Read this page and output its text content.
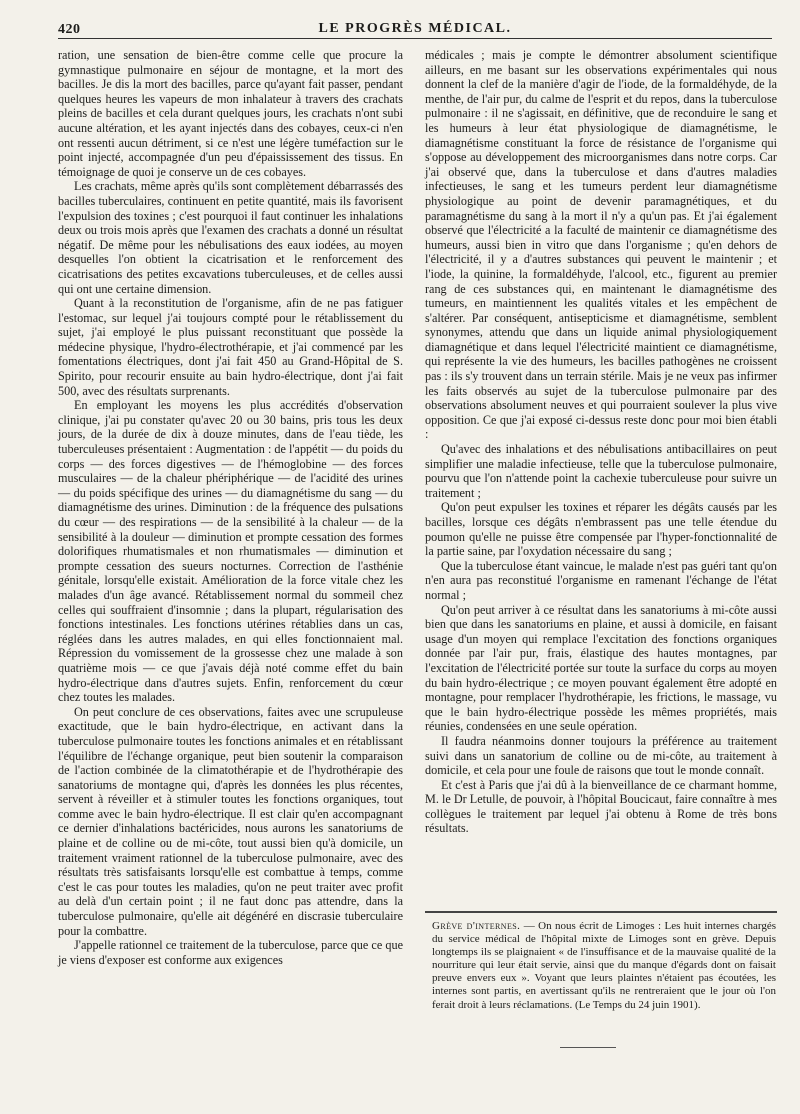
420	LE PROGRÈS MÉDICAL.

ration, une sensation de bien-être comme celle que procure la gymnastique pulmonaire en séjour de montagne, et la mort des bacilles. Je dis la mort des bacilles, parce qu'ayant fait passer, pendant quelques heures les vapeurs de mon inhalateur à travers des crachats pleins de bacilles et cela durant quelques jours, les crachats n'ont subi aucune altération, et les ayant injectés dans des cobayes, ceux-ci n'en ont ressenti aucun détriment, si ce n'est une légère tuméfaction sur le point injecté, accompagnée d'un peu d'épaississement des tissus. En témoignage de quoi je conserve un de ces cobayes.

Les crachats, même après qu'ils sont complètement débarrassés des bacilles tuberculaires, continuent en petite quantité, mais ils favorisent l'expulsion des toxines ; c'est pourquoi il faut continuer les inhalations deux ou trois mois après que l'examen des crachats a donné un résultat négatif. De même pour les nébulisations des eaux iodées, au moyen desquelles l'on obtient la cicatrisation et le renforcement des cicatrisations des petites excavations tuberculeuses, et de celles aussi qui ont une certaine dimension.

Quant à la reconstitution de l'organisme, afin de ne pas fatiguer l'estomac, sur lequel j'ai toujours compté pour le rétablissement du sujet, j'ai employé le plus puissant reconstituant que possède la médecine physique, l'hydro-électrothérapie, et j'ai commencé par les fomentations électriques, dont j'ai fait 450 au Grand-Hôpital de S. Spirito, pour recourir ensuite au bain hydro-électrique, dont j'ai fait 500, avec des résultats surprenants.

En employant les moyens les plus accrédités d'observation clinique, j'ai pu constater qu'avec 20 ou 30 bains, pris tous les deux jours, de la durée de dix à douze minutes, dans de l'eau tiède, les tuberculeuses présentaient : Augmentation : de l'appétit — du poids du corps — des forces digestives — de l'hémoglobine — des forces musculaires — de la chaleur phériphérique — de l'acidité des urines — du poids spécifique des urines — du diamagnétisme du sang — du diamagnétisme des urines. Diminution : de la fréquence des pulsations du cœur — des respirations — de la sensibilité à la chaleur — de la sensibilité à la douleur — diminution et prompte cessation des formes dolorifiques rhumatismales et non rhumatismales — diminution et prompte cessation des sueurs nocturnes. Correction de l'asthénie génitale, lorsqu'elle existait. Amélioration de la force vitale chez les malades d'un âge avancé. Rétablissement normal du sommeil chez celles qui souffraient d'insomnie ; dans la plupart, régularisation des fonctions intestinales. Les fonctions utérines rétablies dans un cas, réglées dans les autres malades, en qui elles fonctionnaient mal. Répression du vomissement de la grossesse chez une malade à son quatrième mois — ce que j'avais déjà noté comme effet du bain hydro-électrique dans d'autres sujets. Enfin, renforcement du cœur chez toutes les malades.

On peut conclure de ces observations, faites avec une scrupuleuse exactitude, que le bain hydro-électrique, en activant dans la tuberculose pulmonaire toutes les fonctions animales et en rétablissant l'équilibre de l'échange organique, peut bien soutenir la comparaison de l'action combinée de la climatothérapie et de l'hydrothérapie des sanatoriums de montagne qui, d'après les données les plus récentes, servent à réveiller et à stimuler toutes les fonctions organiques, tout comme avec le bain hydro-électrique. Il est clair qu'en accompagnant ce dernier d'inhalations bactéricides, nous aurons les sanatoriums de plaine et de colline ou de mi-côte, tout aussi bien qu'à domicile, un traitement vraiment rationnel de la tuberculose pulmonaire, avec des résultats très satisfaisants lorsqu'elle est combattue à temps, comme c'est le cas pour toutes les maladies, qu'on ne peut traiter avec profit au delà d'un certain point ; il ne faut donc pas attendre, dans la tuberculose pulmonaire, qu'elle ait dégénéré en discrasie tuberculaire pour la combattre.

J'appelle rationnel ce traitement de la tuberculose, parce que ce que je viens d'exposer est conforme aux exigences

médicales ; mais je compte le démontrer absolument scientifique ailleurs, en me basant sur les observations expérimentales qui nous donnent la clef de la manière d'agir de l'iode, de la formaldéhyde, de la menthe, de l'air pur, du calme de l'esprit et du repos, dans la tuberculose pulmonaire : il ne s'agissait, en définitive, que de reconduire le sang et les humeurs à leur état physiologique de diamagnétisme, le diamagnétisme constituant la force de résistance de l'organisme qui s'oppose au développement des microorganismes dans notre corps. Car j'ai observé que, dans la tuberculose et dans d'autres maladies infectieuses, le sang et les tumeurs perdent leur diamagnétisme physiologique au point de devenir paramagnétiques, et du paramagnétisme du sang à la mort il n'y a qu'un pas. Et j'ai également observé que l'électricité a la faculté de maintenir ce diamagnétisme des humeurs, aussi bien in vitro que dans l'organisme ; qu'en dehors de l'électricité, il y a d'autres substances qui peuvent le maintenir ; et l'iode, la quinine, la formaldéhyde, l'alcool, etc., figurent au premier rang de ces substances qui, en maintenant le diamagnétisme des tumeurs, en maintiennent les qualités vitales et les empêchent de s'altérer. Par conséquent, antisepticisme et diamagnétisme, semblent synonymes, attendu que dans un liquide animal physiologiquement diamagnétique et dans lequel l'électricité maintient ce diamagnétisme, qui représente la vie des humeurs, les bacilles pathogènes ne croissent pas : ils s'y trouvent dans un terrain stérile. Mais je ne veux pas infirmer les faits observés au sujet de la tuberculose pulmonaire par des observations absolument neuves et qui pourraient soulever la plus vive opposition. Ce que j'ai exposé ci-dessus reste donc pour moi bien établi :

Qu'avec des inhalations et des nébulisations antibacillaires on peut simplifier une maladie infectieuse, telle que la tuberculose pulmonaire, pourvu que l'on n'attende point la cachexie tuberculeuse pour suivre un traitement ;

Qu'on peut expulser les toxines et réparer les dégâts causés par les bacilles, lorsque ces dégâts n'embrassent pas une telle étendue du poumon qu'elle ne puisse être compensée par l'hyper-fonctionnalité de la partie saine, par l'oxydation nécessaire du sang ;

Que la tuberculose étant vaincue, le malade n'est pas guéri tant qu'on n'en aura pas reconstitué l'organisme en ramenant l'échange de l'état normal ;

Qu'on peut arriver à ce résultat dans les sanatoriums à mi-côte aussi bien que dans les sanatoriums en plaine, et aussi à domicile, en faisant usage d'un moyen qui remplace l'excitation des fonctions organiques donnée par l'air pur, frais, élastique des hautes montagnes, par l'excitation de l'électricité portée sur toute la surface du corps au moyen du bain hydro-électrique ; ce moyen pouvant également être adopté en montagne, pour remplacer l'hydrothérapie, les frictions, le massage, vu que le bain hydro-électrique possède les mêmes propriétés, mais réunies, condensées en une seule opération.

Il faudra néanmoins donner toujours la préférence au traitement suivi dans un sanatorium de colline ou de mi-côte, au traitement à domicile, et cela pour une foule de raisons que tout le monde connaît.

Et c'est à Paris que j'ai dû à la bienveillance de ce charmant homme, M. le Dr Letulle, de pouvoir, à l'hôpital Boucicaut, faire connaître à mes collègues le traitement par lequel j'ai obtenu à Rome de très bons résultats.

Grève d'internes. — On nous écrit de Limoges : Les huit internes chargés du service médical de l'hôpital mixte de Limoges sont en grève. Depuis longtemps ils se plaignaient « de l'insuffisance et de la mauvaise qualité de la nourriture qui leur était servie, ainsi que du manque d'égards dont on faisait preuve envers eux ». Voyant que leurs plaintes n'étaient pas écoutées, les internes sont partis, en avertissant qu'ils ne rentreraient que le jour où l'on ferait droit à leurs réclamations. (Le Temps du 24 juin 1901).
